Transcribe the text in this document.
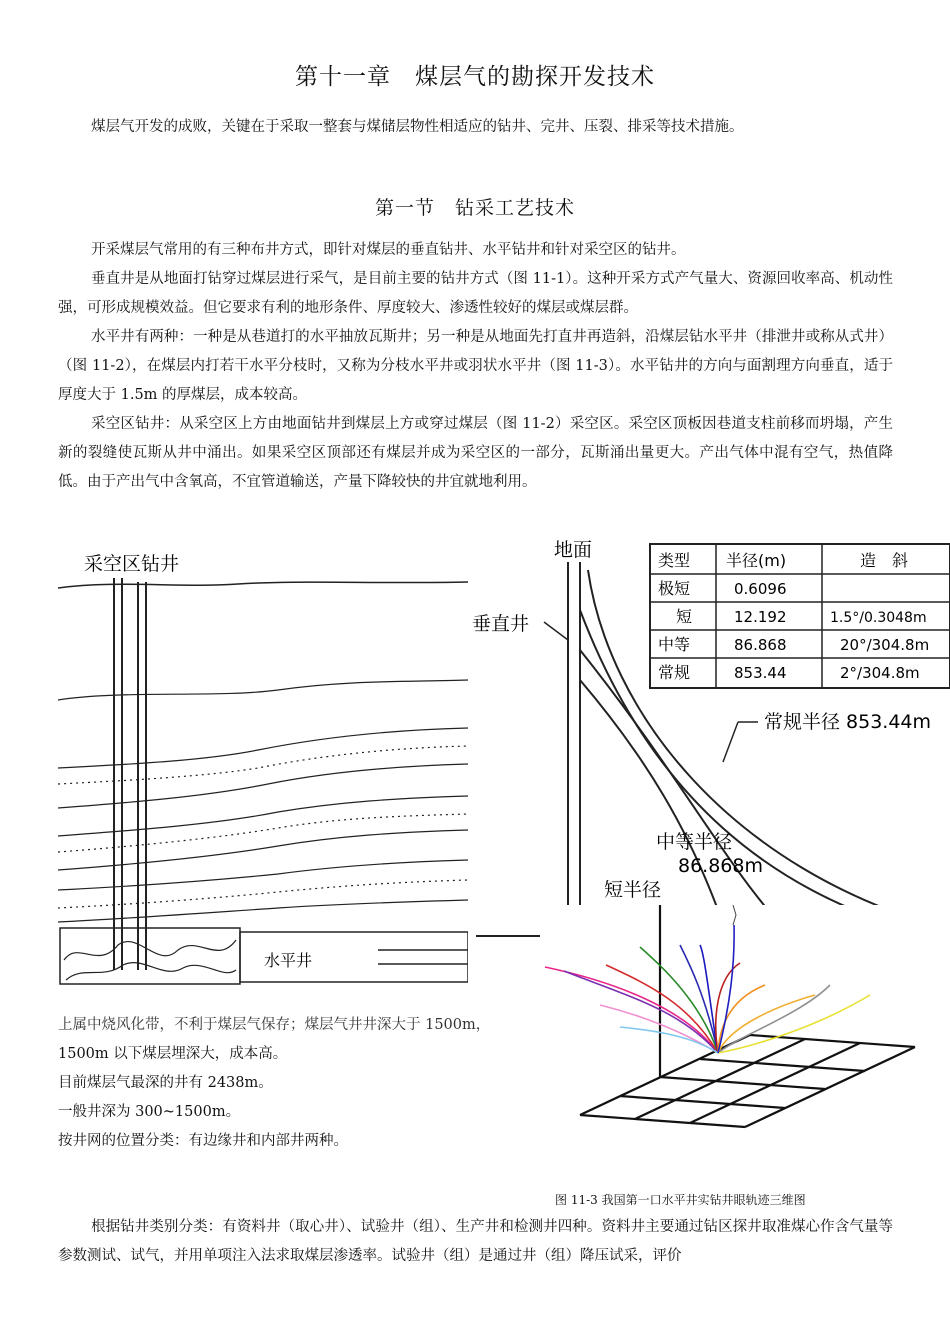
第十一章　煤层气的勘探开发技术

煤层气开发的成败，关键在于采取一整套与煤储层物性相适应的钻井、完井、压裂、排采等技术措施。

第一节　钻采工艺技术

开采煤层气常用的有三种布井方式，即针对煤层的垂直钻井、水平钻井和针对采空区的钻井。

垂直井是从地面打钻穿过煤层进行采气，是目前主要的钻井方式（图 11-1）。这种开采方式产气量大、资源回收率高、机动性强，可形成规模效益。但它要求有利的地形条件、厚度较大、渗透性较好的煤层或煤层群。

水平井有两种：一种是从巷道打的水平抽放瓦斯井；另一种是从地面先打直井再造斜，沿煤层钻水平井（排泄井或称从式井）（图 11-2），在煤层内打若干水平分枝时，又称为分枝水平井或羽状水平井（图 11-3）。水平钻井的方向与面割理方向垂直，适于厚度大于 1.5m 的厚煤层，成本较高。

采空区钻井：从采空区上方由地面钻井到煤层上方或穿过煤层（图 11-2）采空区。采空区顶板因巷道支柱前移而坍塌，产生新的裂缝使瓦斯从井中涌出。如果采空区顶部还有煤层并成为采空区的一部分，瓦斯涌出量更大。产出气体中混有空气，热值降低。由于产出气中含氧高，不宜管道输送，产量下降较快的井宜就地利用。

采空区钻井
水平井
地面
垂直井
常规半径 853.44m
中等半径
86.868m
短半径
类型 半径(m)	造　斜
极短	0.6096
短	12.192	1.5°/0.3048m
中等	86.868	20°/304.8m
常规	853.44	2°/304.8m
上属中烧风化带，不利于煤层气保存；煤层气井井深大于 1500m，
1500m 以下煤层埋深大，成本高。
目前煤层气最深的井有 2438m。
一般井深为 300~1500m。
按井网的位置分类：有边缘井和内部井两种。
图 11-3 我国第一口水平井实钻井眼轨迹三维图

根据钻井类别分类：有资料井（取心井）、试验井（组）、生产井和检测井四种。资料井主要通过钻区探井取准煤心作含气量等参数测试、试气，并用单项注入法求取煤层渗透率。试验井（组）是通过井（组）降压试采，评价
